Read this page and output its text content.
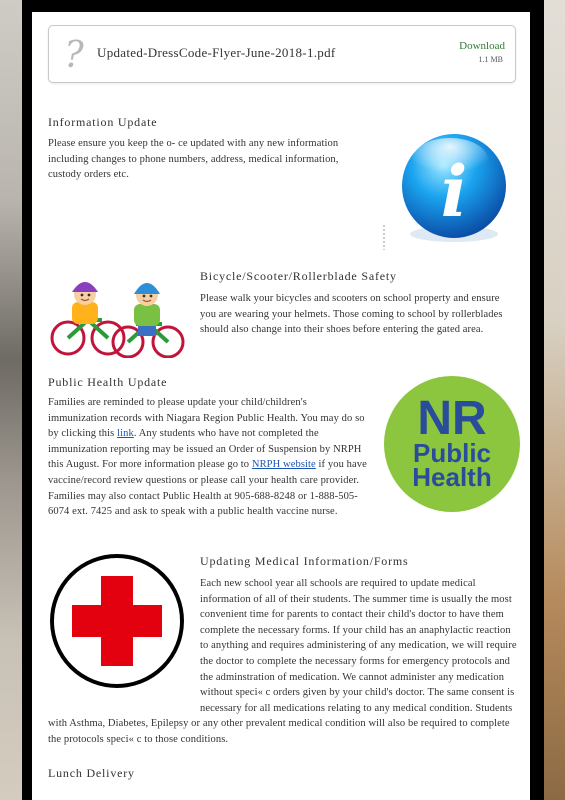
?	Updated-DressCode-Flyer-June-2018-1.pdf	Download
1.1 MB
Information Update
Please ensure you keep the o- ce updated with any new information including changes to phone numbers, address, medical information, custody orders etc.	i
Bicycle/Scooter/Rollerblade Safety
Please walk your bicycles and scooters on school property and ensure you are wearing your helmets. Those coming to school by rollerblades should also change into their shoes before entering the gated area.
Public Health Update
Families are reminded to please update your child/children's immunization records with Niagara Region Public Health. You may do so by clicking this link. Any students who have not completed the immunization reporting may be issued an Order of Suspension by NRPH this August. For more information please go to NRPH website if you have vaccine/record review questions or please call your health care provider. Families may also contact Public Health at 905-688-8248 or 1-888-505-6074 ext. 7425 and ask to speak with a public health vaccine nurse.
NR
Public
Health
Updating Medical Information/Forms
Each new school year all schools are required to update medical information of all of their students. The summer time is usually the most convenient time for parents to contact their child's doctor to have them complete the necessary forms. If your child has an anaphylactic reaction to anything and requires administering of any medication, we will require the doctor to complete the necessary forms for emergency protocols and the adminstration of medication. We cannot administer any medication without speci« c orders given by your child's doctor. The same consent is necessary for all medications relating to any medical condition. Students with Asthma, Diabetes, Epilepsy or any other prevalent medical condition will also be required to complete the protocols speci« c to those conditions.
Lunch Delivery
